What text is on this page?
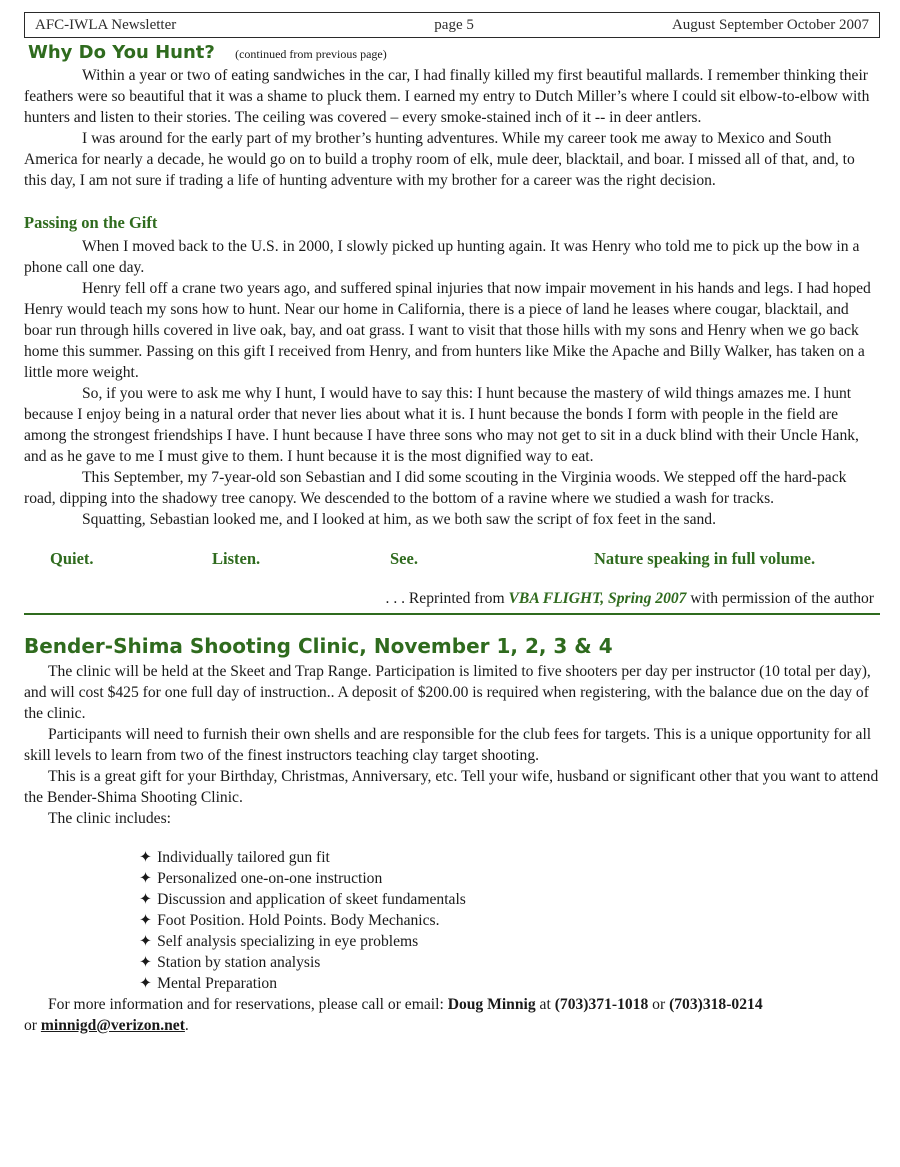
AFC-IWLA Newsletter	page 5	August September October 2007
Why Do You Hunt? (continued from previous page)

Within a year or two of eating sandwiches in the car, I had finally killed my first beautiful mallards. I remember thinking their feathers were so beautiful that it was a shame to pluck them. I earned my entry to Dutch Miller’s where I could sit elbow-to-elbow with hunters and listen to their stories. The ceiling was covered – every smoke-stained inch of it -- in deer antlers.

I was around for the early part of my brother’s hunting adventures. While my career took me away to Mexico and South America for nearly a decade, he would go on to build a trophy room of elk, mule deer, blacktail, and boar. I missed all of that, and, to this day, I am not sure if trading a life of hunting adventure with my brother for a career was the right decision.

Passing on the Gift

When I moved back to the U.S. in 2000, I slowly picked up hunting again. It was Henry who told me to pick up the bow in a phone call one day.

Henry fell off a crane two years ago, and suffered spinal injuries that now impair movement in his hands and legs. I had hoped Henry would teach my sons how to hunt. Near our home in California, there is a piece of land he leases where cougar, blacktail, and boar run through hills covered in live oak, bay, and oat grass. I want to visit that those hills with my sons and Henry when we go back home this summer. Passing on this gift I received from Henry, and from hunters like Mike the Apache and Billy Walker, has taken on a little more weight.

So, if you were to ask me why I hunt, I would have to say this: I hunt because the mastery of wild things amazes me. I hunt because I enjoy being in a natural order that never lies about what it is. I hunt because the bonds I form with people in the field are among the strongest friendships I have. I hunt because I have three sons who may not get to sit in a duck blind with their Uncle Hank, and as he gave to me I must give to them. I hunt because it is the most dignified way to eat.

This September, my 7-year-old son Sebastian and I did some scouting in the Virginia woods. We stepped off the hard-pack road, dipping into the shadowy tree canopy. We descended to the bottom of a ravine where we studied a wash for tracks.

Squatting, Sebastian looked me, and I looked at him, as we both saw the script of fox feet in the sand.

Quiet.	Listen.	See.	Nature speaking in full volume.
. . . Reprinted from VBA FLIGHT, Spring 2007 with permission of the author
Bender-Shima Shooting Clinic, November 1, 2, 3 & 4

The clinic will be held at the Skeet and Trap Range. Participation is limited to five shooters per day per instructor (10 total per day), and will cost $425 for one full day of instruction.. A deposit of $200.00 is required when registering, with the balance due on the day of the clinic.

Participants will need to furnish their own shells and are responsible for the club fees for targets. This is a unique opportunity for all skill levels to learn from two of the finest instructors teaching clay target shooting.

This is a great gift for your Birthday, Christmas, Anniversary, etc. Tell your wife, husband or significant other that you want to attend the Bender-Shima Shooting Clinic.

The clinic includes:

✦ Individually tailored gun fit
✦ Personalized one-on-one instruction
✦ Discussion and application of skeet fundamentals
✦ Foot Position. Hold Points. Body Mechanics.
✦ Self analysis specializing in eye problems
✦ Station by station analysis
✦ Mental Preparation

For more information and for reservations, please call or email: Doug Minnig at (703)371-1018 or (703)318-0214

or minnigd@verizon.net.
